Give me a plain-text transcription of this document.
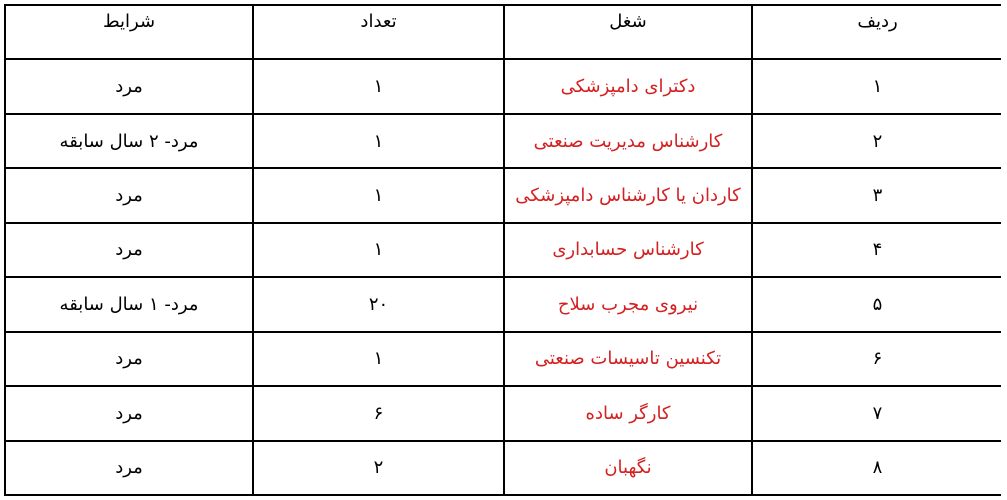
شرایط	تعداد	شغل	ردیف
مرد	۱	دکترای دامپزشکی	۱
مرد- ۲ سال سابقه	۱	کارشناس مدیریت صنعتی	۲
مرد	۱	کاردان یا کارشناس دامپزشکی	۳
مرد	۱	کارشناس حسابداری	۴
مرد- ۱ سال سابقه	۲۰	نیروی مجرب سلاح	۵
مرد	۱	تکنسین تاسیسات صنعتی	۶
مرد	۶	کارگر ساده	۷
مرد	۲	نگهبان	۸
